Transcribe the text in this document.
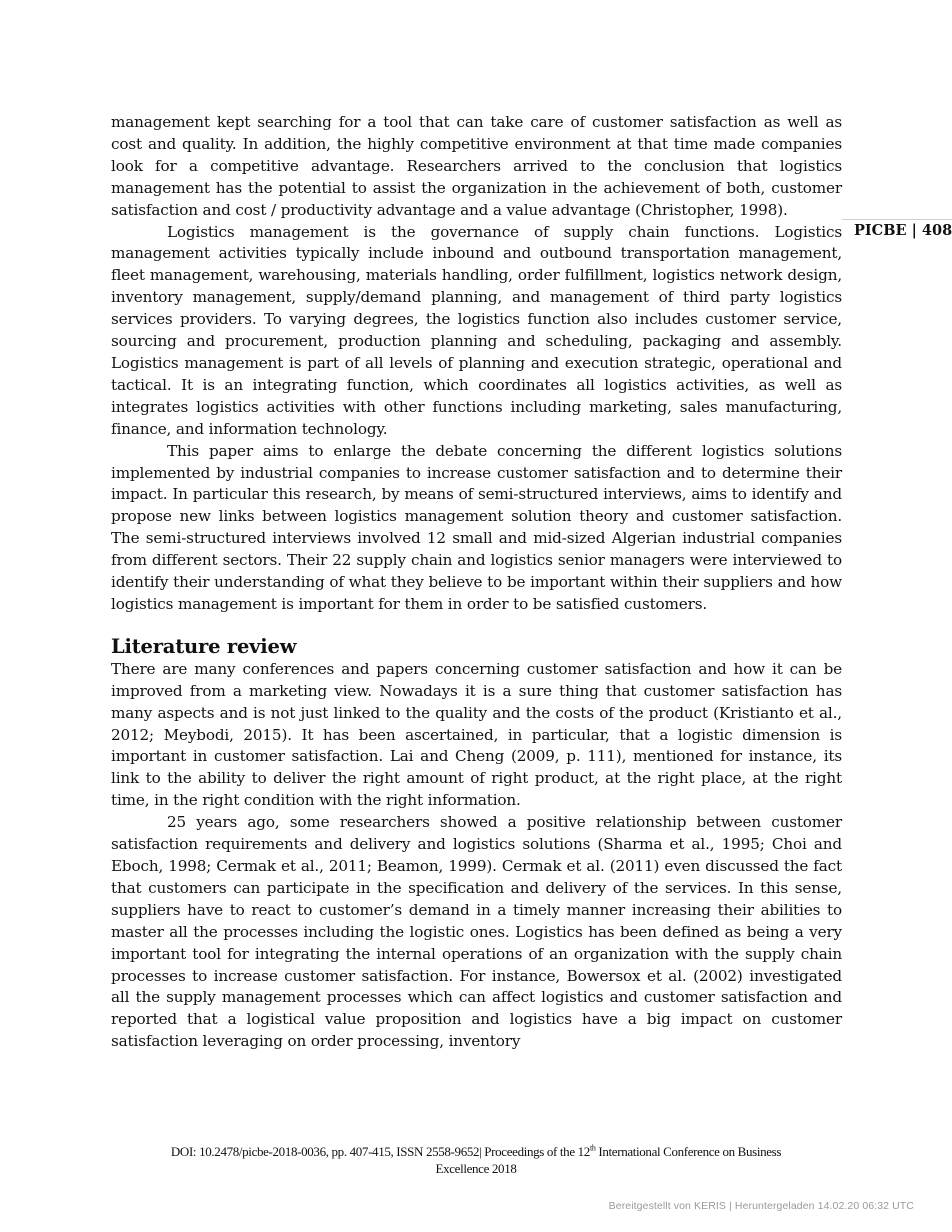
PICBE | 408

management kept searching for a tool that can take care of customer satisfaction as well as cost and quality. In addition, the highly competitive environment at that time made companies look for a competitive advantage. Researchers arrived to the conclusion that logistics management has the potential to assist the organization in the achievement of both, customer satisfaction and cost / productivity advantage and a value advantage (Christopher, 1998).

Logistics management is the governance of supply chain functions. Logistics management activities typically include inbound and outbound transportation management, fleet management, warehousing, materials handling, order fulfillment, logistics network design, inventory management, supply/demand planning, and management of third party logistics services providers. To varying degrees, the logistics function also includes customer service, sourcing and procurement, production planning and scheduling, packaging and assembly. Logistics management is part of all levels of planning and execution strategic, operational and tactical. It is an integrating function, which coordinates all logistics activities, as well as integrates logistics activities with other functions including marketing, sales manufacturing, finance, and information technology.

This paper aims to enlarge the debate concerning the different logistics solutions implemented by industrial companies to increase customer satisfaction and to determine their impact. In particular this research, by means of semi-structured interviews, aims to identify and propose new links between logistics management solution theory and customer satisfaction. The semi-structured interviews involved 12 small and mid-sized Algerian industrial companies from different sectors. Their 22 supply chain and logistics senior managers were interviewed to identify their understanding of what they believe to be important within their suppliers and how logistics management is important for them in order to be satisfied customers.

Literature review

There are many conferences and papers concerning customer satisfaction and how it can be improved from a marketing view. Nowadays it is a sure thing that customer satisfaction has many aspects and is not just linked to the quality and the costs of the product (Kristianto et al., 2012; Meybodi, 2015). It has been ascertained, in particular, that a logistic dimension is important in customer satisfaction. Lai and Cheng (2009, p. 111), mentioned for instance, its link to the ability to deliver the right amount of right product, at the right place, at the right time, in the right condition with the right information.

25 years ago, some researchers showed a positive relationship between customer satisfaction requirements and delivery and logistics solutions (Sharma et al., 1995; Choi and Eboch, 1998; Cermak et al., 2011; Beamon, 1999). Cermak et al. (2011) even discussed the fact that customers can participate in the specification and delivery of the services. In this sense, suppliers have to react to customer’s demand in a timely manner increasing their abilities to master all the processes including the logistic ones. Logistics has been defined as being a very important tool for integrating the internal operations of an organization with the supply chain processes to increase customer satisfaction. For instance, Bowersox et al. (2002) investigated all the supply management processes which can affect logistics and customer satisfaction and reported that a logistical value proposition and logistics have a big impact on customer satisfaction leveraging on order processing, inventory

DOI: 10.2478/picbe-2018-0036, pp. 407-415, ISSN 2558-9652| Proceedings of the 12th International Conference on Business
Excellence 2018
Bereitgestellt von KERIS | Heruntergeladen 14.02.20 06:32 UTC
